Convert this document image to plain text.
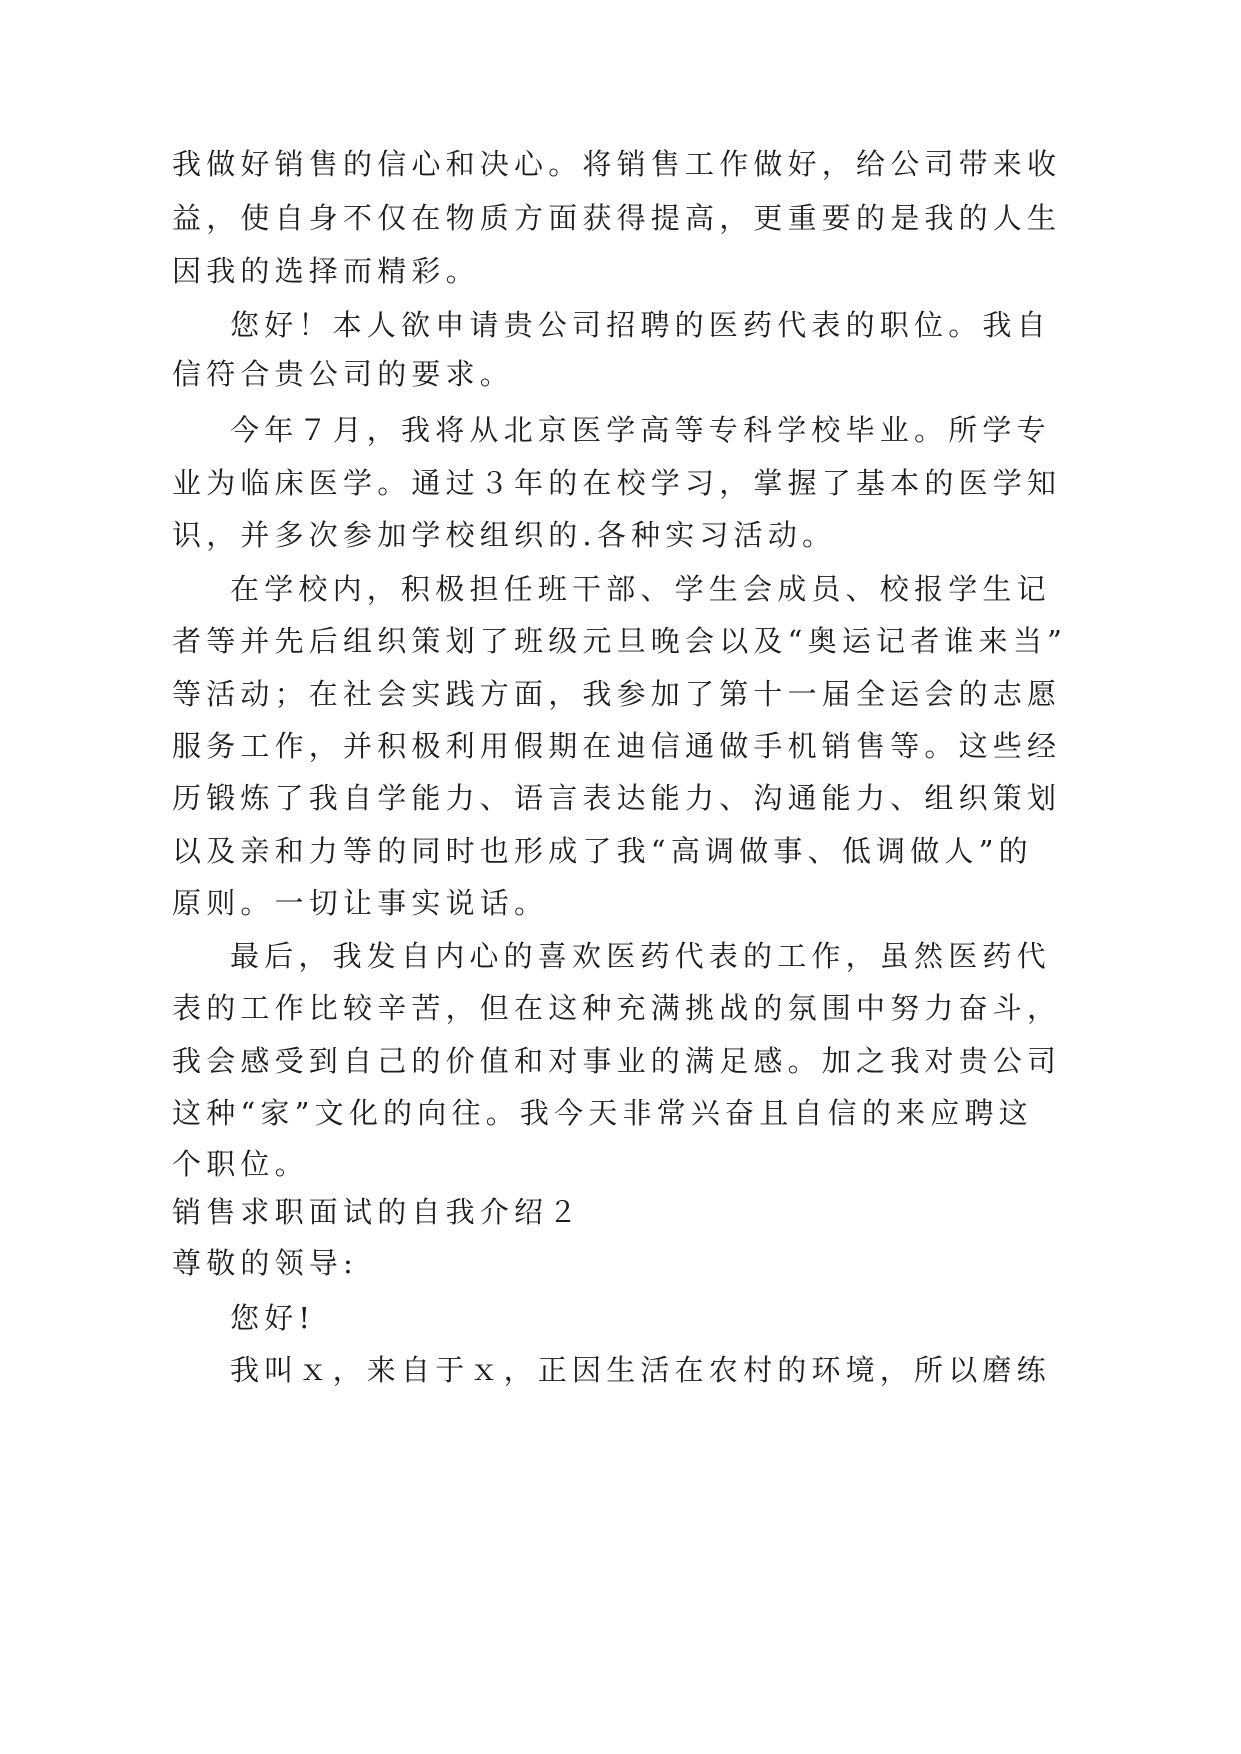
我做好销售的信心和决心。将销售工作做好，给公司带来收

益，使自身不仅在物质方面获得提高，更重要的是我的人生

因我的选择而精彩。

您好！本人欲申请贵公司招聘的医药代表的职位。我自

信符合贵公司的要求。

今年７月，我将从北京医学高等专科学校毕业。所学专

业为临床医学。通过３年的在校学习，掌握了基本的医学知

识，并多次参加学校组织的.各种实习活动。

在学校内，积极担任班干部、学生会成员、校报学生记

者等并先后组织策划了班级元旦晚会以及“奥运记者谁来当”

等活动；在社会实践方面，我参加了第十一届全运会的志愿

服务工作，并积极利用假期在迪信通做手机销售等。这些经

历锻炼了我自学能力、语言表达能力、沟通能力、组织策划

以及亲和力等的同时也形成了我“高调做事、低调做人”的

原则。一切让事实说话。

最后，我发自内心的喜欢医药代表的工作，虽然医药代

表的工作比较辛苦，但在这种充满挑战的氛围中努力奋斗，

我会感受到自己的价值和对事业的满足感。加之我对贵公司

这种“家”文化的向往。我今天非常兴奋且自信的来应聘这

个职位。

销售求职面试的自我介绍２

尊敬的领导:

您好!

我叫ｘ，来自于ｘ，正因生活在农村的环境，所以磨练
